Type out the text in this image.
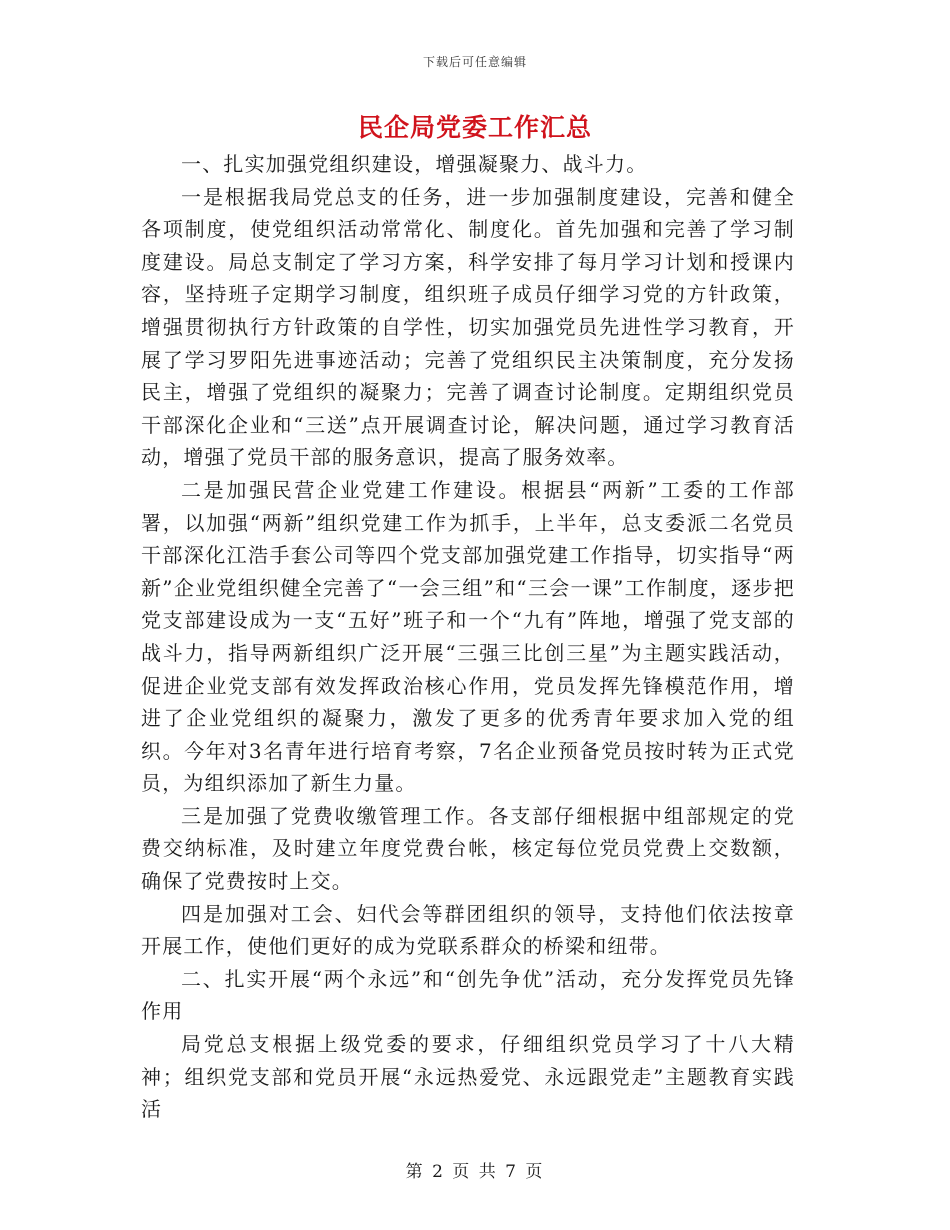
下载后可任意编辑
民企局党委工作汇总

一、扎实加强党组织建设，增强凝聚力、战斗力。

一是根据我局党总支的任务，进一步加强制度建设，完善和健全各项制度，使党组织活动常常化、制度化。首先加强和完善了学习制度建设。局总支制定了学习方案，科学安排了每月学习计划和授课内容，坚持班子定期学习制度，组织班子成员仔细学习党的方针政策，增强贯彻执行方针政策的自学性，切实加强党员先进性学习教育，开展了学习罗阳先进事迹活动；完善了党组织民主决策制度，充分发扬民主，增强了党组织的凝聚力；完善了调查讨论制度。定期组织党员干部深化企业和“三送”点开展调查讨论，解决问题，通过学习教育活动，增强了党员干部的服务意识，提高了服务效率。

二是加强民营企业党建工作建设。根据县“两新”工委的工作部署，以加强“两新”组织党建工作为抓手，上半年，总支委派二名党员干部深化江浩手套公司等四个党支部加强党建工作指导，切实指导“两新”企业党组织健全完善了“一会三组”和“三会一课”工作制度，逐步把党支部建设成为一支“五好”班子和一个“九有”阵地，增强了党支部的战斗力，指导两新组织广泛开展“三强三比创三星”为主题实践活动，促进企业党支部有效发挥政治核心作用，党员发挥先锋模范作用，增进了企业党组织的凝聚力，激发了更多的优秀青年要求加入党的组织。今年对3名青年进行培育考察，7名企业预备党员按时转为正式党员，为组织添加了新生力量。

三是加强了党费收缴管理工作。各支部仔细根据中组部规定的党费交纳标准，及时建立年度党费台帐，核定每位党员党费上交数额，确保了党费按时上交。

四是加强对工会、妇代会等群团组织的领导，支持他们依法按章开展工作，使他们更好的成为党联系群众的桥梁和纽带。

二、扎实开展“两个永远”和“创先争优”活动，充分发挥党员先锋作用

局党总支根据上级党委的要求，仔细组织党员学习了十八大精神；组织党支部和党员开展“永远热爱党、永远跟党走”主题教育实践活

第 2 页 共 7 页
